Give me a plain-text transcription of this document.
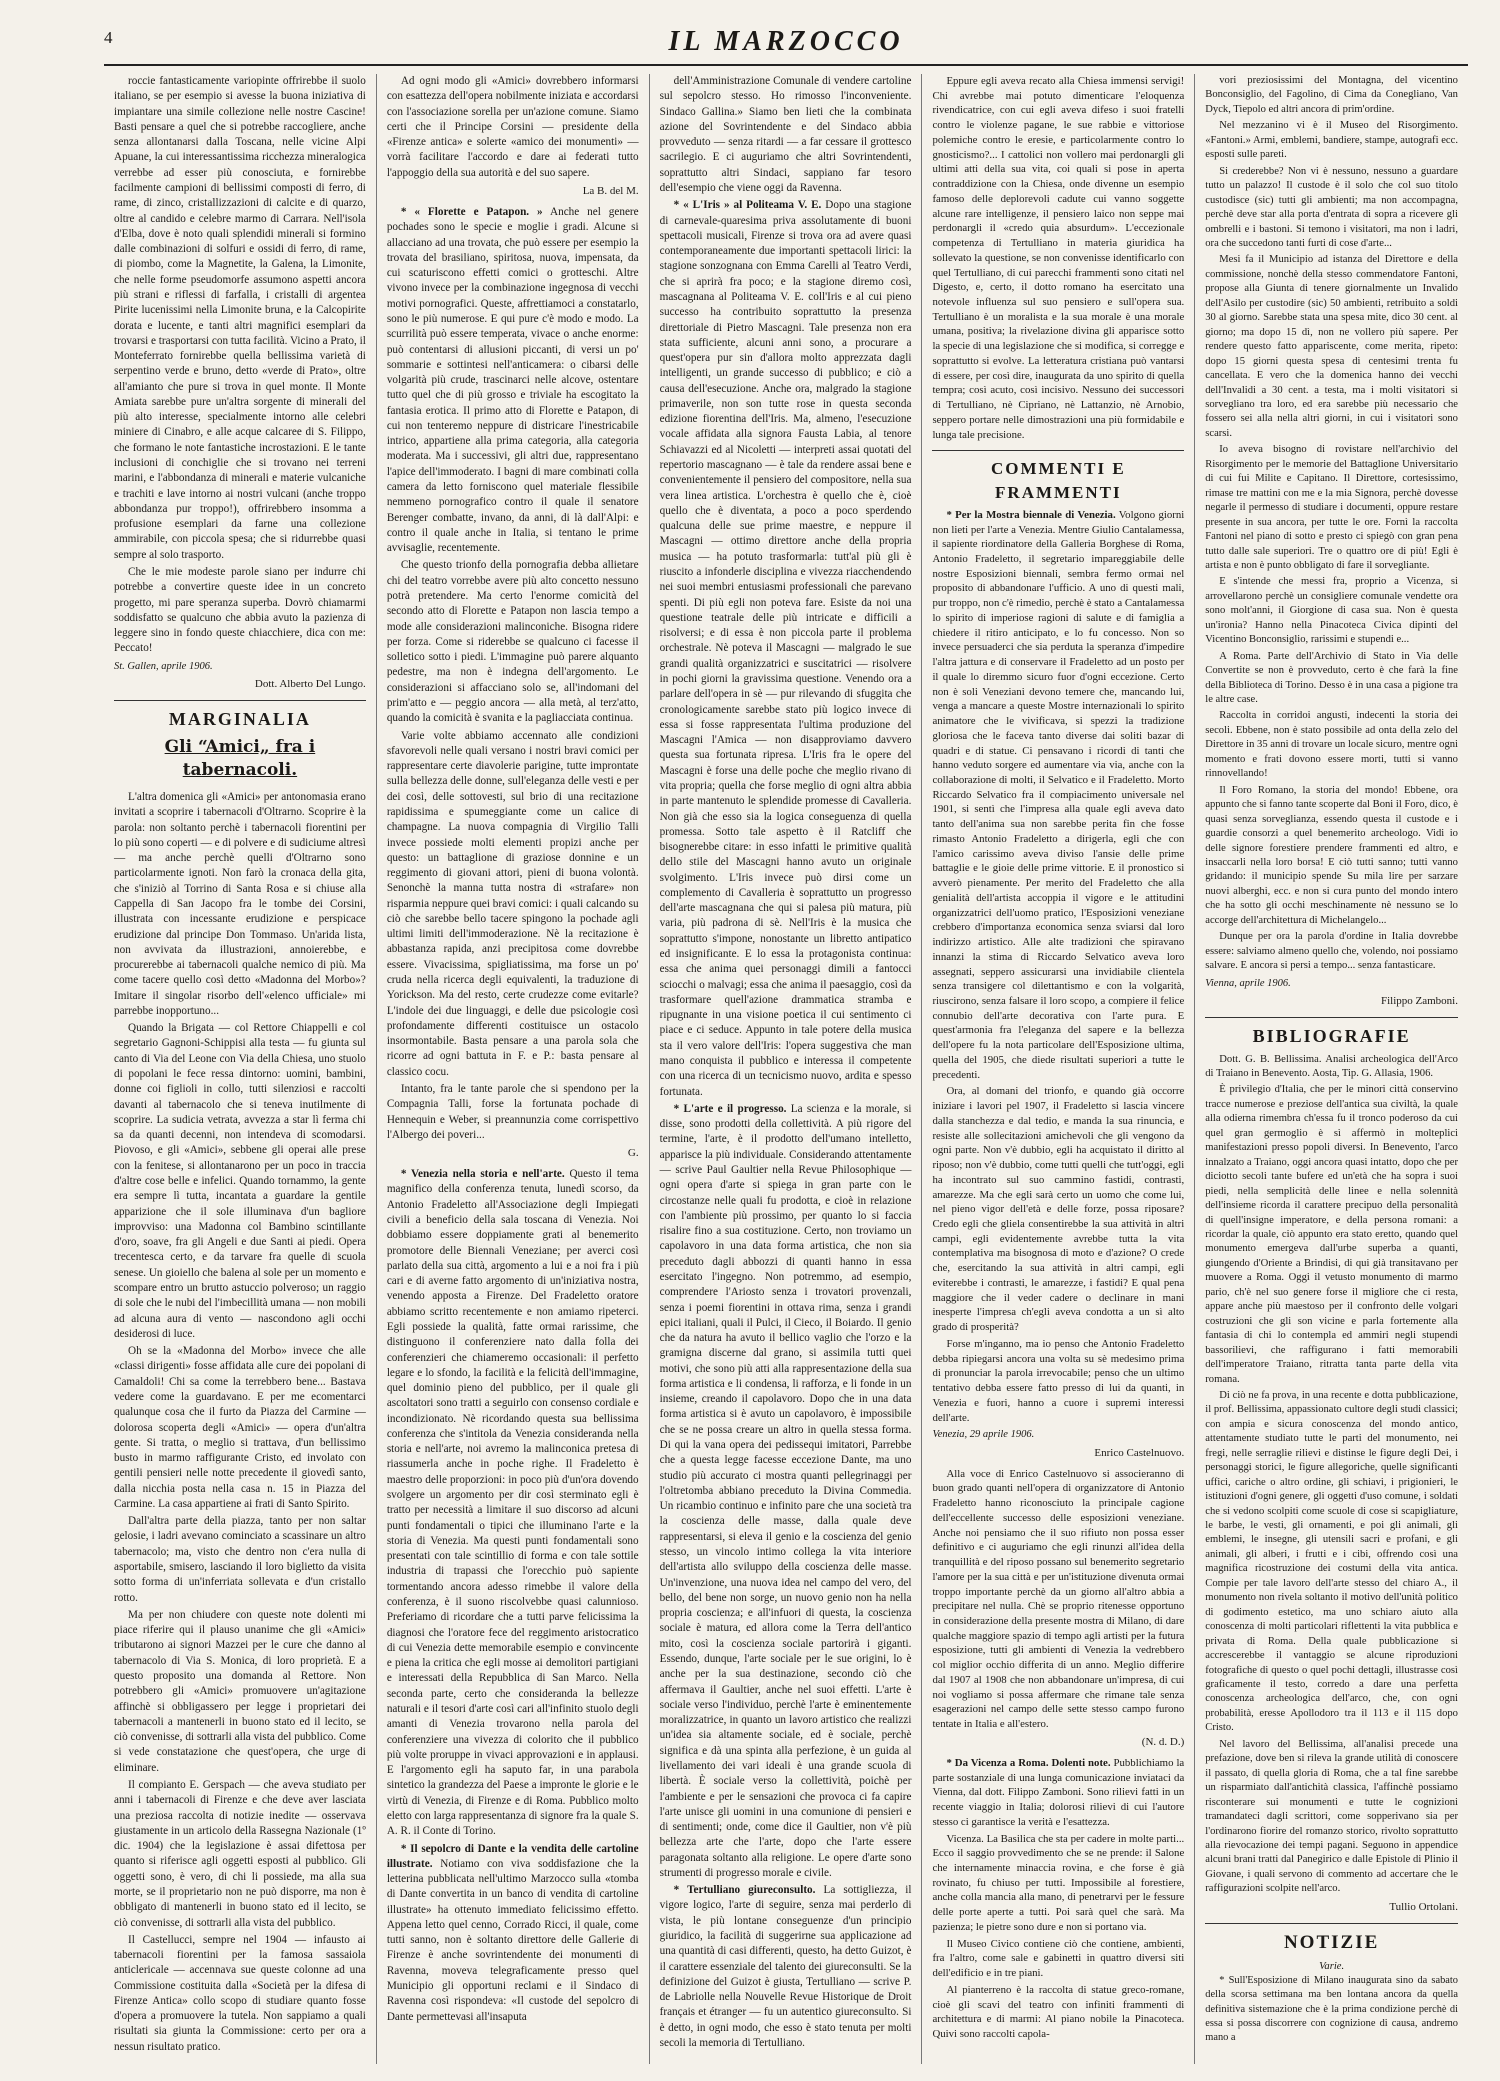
4	IL MARZOCCO

roccie fantasticamente variopinte offrirebbe il suolo italiano, se per esempio si avesse la buona iniziativa di impiantare una simile collezione nelle nostre Cascine! Basti pensare a quel che si potrebbe raccogliere, anche senza allontanarsi dalla Toscana, nelle vicine Alpi Apuane, la cui interessantissima ricchezza mineralogica verrebbe ad esser più conosciuta, e fornirebbe facilmente campioni di bellissimi composti di ferro, di rame, di zinco, cristallizzazioni di calcite e di quarzo, oltre al candido e celebre marmo di Carrara. Nell'isola d'Elba, dove è noto quali splendidi minerali si formino dalle combinazioni di solfuri e ossidi di ferro, di rame, di piombo, come la Magnetite, la Galena, la Limonite, che nelle forme pseudomorfe assumono aspetti ancora più strani e riflessi di farfalla, i cristalli di argentea Pirite lucenissimi nella Limonite bruna, e la Calcopirite dorata e lucente, e tanti altri magnifici esemplari da trovarsi e trasportarsi con tutta facilità. Vicino a Prato, il Monteferrato fornirebbe quella bellissima varietà di serpentino verde e bruno, detto «verde di Prato», oltre all'amianto che pure si trova in quel monte. Il Monte Amiata sarebbe pure un'altra sorgente di minerali del più alto interesse, specialmente intorno alle celebri miniere di Cinabro, e alle acque calcaree di S. Filippo, che formano le note fantastiche incrostazioni. E le tante inclusioni di conchiglie che si trovano nei terreni marini, e l'abbondanza di minerali e materie vulcaniche e trachiti e lave intorno ai nostri vulcani (anche troppo abbondanza pur troppo!), offrirebbero insomma a profusione esemplari da farne una collezione ammirabile, con piccola spesa; che si ridurrebbe quasi sempre al solo trasporto.

Che le mie modeste parole siano per indurre chi potrebbe a convertire queste idee in un concreto progetto, mi pare speranza superba. Dovrò chiamarmi soddisfatto se qualcuno che abbia avuto la pazienza di leggere sino in fondo queste chiacchiere, dica con me: Peccato!

St. Gallen, aprile 1906.
Dott. Alberto Del Lungo.
MARGINALIA
Gli “Amici„ fra i tabernacoli.

L'altra domenica gli «Amici» per antonomasia erano invitati a scoprire i tabernacoli d'Oltrarno. Scoprire è la parola: non soltanto perchè i tabernacoli fiorentini per lo più sono coperti — e di polvere e di sudiciume altresì — ma anche perchè quelli d'Oltrarno sono particolarmente ignoti. Non farò la cronaca della gita, che s'iniziò al Torrino di Santa Rosa e si chiuse alla Cappella di San Jacopo fra le tombe dei Corsini, illustrata con incessante erudizione e perspicace erudizione dal principe Don Tommaso. Un'arida lista, non avvivata da illustrazioni, annoierebbe, e procurerebbe ai tabernacoli qualche nemico di più. Ma come tacere quello così detto «Madonna del Morbo»? Imitare il singolar risorbo dell'«elenco ufficiale» mi parrebbe inopportuno...

Quando la Brigata — col Rettore Chiappelli e col segretario Gagnoni-Schippisi alla testa — fu giunta sul canto di Via del Leone con Via della Chiesa, uno stuolo di popolani le fece ressa dintorno: uomini, bambini, donne coi figlioli in collo, tutti silenziosi e raccolti davanti al tabernacolo che si teneva inutilmente di scoprire. La sudicia vetrata, avvezza a star lì ferma chi sa da quanti decenni, non intendeva di scomodarsi. Piovoso, e gli «Amici», sebbene gli operai alle prese con la fenitese, si allontanarono per un poco in traccia d'altre cose belle e infelici. Quando tornammo, la gente era sempre lì tutta, incantata a guardare la gentile apparizione che il sole illuminava d'un bagliore improvviso: una Madonna col Bambino scintillante d'oro, soave, fra gli Angeli e due Santi ai piedi. Opera trecentesca certo, e da tarvare fra quelle di scuola senese. Un gioiello che balena al sole per un momento e scompare entro un brutto astuccio polveroso; un raggio di sole che le nubi del l'imbecillità umana — non mobili ad alcuna aura di vento — nascondono agli occhi desiderosi di luce.

Oh se la «Madonna del Morbo» invece che alle «classi dirigenti» fosse affidata alle cure dei popolani di Camaldoli! Chi sa come la terrebbero bene... Bastava vedere come la guardavano. E per me ecomentarci qualunque cosa che il furto da Piazza del Carmine — dolorosa scoperta degli «Amici» — opera d'un'altra gente. Si tratta, o meglio si trattava, d'un bellissimo busto in marmo raffigurante Cristo, ed involato con gentili pensieri nelle notte precedente il giovedì santo, dalla nicchia posta nella casa n. 15 in Piazza del Carmine. La casa appartiene ai frati di Santo Spirito.

Dall'altra parte della piazza, tanto per non saltar gelosie, i ladri avevano cominciato a scassinare un altro tabernacolo; ma, visto che dentro non c'era nulla di asportabile, smisero, lasciando il loro biglietto da visita sotto forma di un'inferriata sollevata e d'un cristallo rotto.

Ma per non chiudere con queste note dolenti mi piace riferire qui il plauso unanime che gli «Amici» tributarono ai signori Mazzei per le cure che danno al tabernacolo di Via S. Monica, di loro proprietà. E a questo proposito una domanda al Rettore. Non potrebbero gli «Amici» promuovere un'agitazione affinchè si obbligassero per legge i proprietari dei tabernacoli a mantenerli in buono stato ed il lecito, se ciò convenisse, di sottrarli alla vista del pubblico. Come si vede constatazione che quest'opera, che urge di eliminare.

Il compianto E. Gerspach — che aveva studiato per anni i tabernacoli di Firenze e che deve aver lasciata una preziosa raccolta di notizie inedite — osservava giustamente in un articolo della Rassegna Nazionale (1º dic. 1904) che la legislazione è assai difettosa per quanto si riferisce agli oggetti esposti al pubblico. Gli oggetti sono, è vero, di chi li possiede, ma alla sua morte, se il proprietario non ne può disporre, ma non è obbligato di mantenerli in buono stato ed il lecito, se ciò convenisse, di sottrarli alla vista del pubblico.

Il Castellucci, sempre nel 1904 — infausto ai tabernacoli fiorentini per la famosa sassaiola anticlericale — accennava sue queste colonne ad una Commissione costituita dalla «Società per la difesa di Firenze Antica» collo scopo di studiare quanto fosse d'opera a promuovere la tutela. Non sappiamo a quali risultati sia giunta la Commissione: certo per ora a nessun risultato pratico.

Ad ogni modo gli «Amici» dovrebbero informarsi con esattezza dell'opera nobilmente iniziata e accordarsi con l'associazione sorella per un'azione comune. Siamo certi che il Principe Corsini — presidente della «Firenze antica» e solerte «amico dei monumenti» — vorrà facilitare l'accordo e dare ai federati tutto l'appoggio della sua autorità e del suo sapere.

La B. del M.

* « Florette e Patapon. » Anche nel genere pochades sono le specie e moglie i gradi. Alcune si allacciano ad una trovata, che può essere per esempio la trovata del brasiliano, spiritosa, nuova, impensata, da cui scaturiscono effetti comici o grotteschi. Altre vivono invece per la combinazione ingegnosa di vecchi motivi pornografici. Queste, affrettiamoci a constatarlo, sono le più numerose. E qui pure c'è modo e modo. La scurrilità può essere temperata, vivace o anche enorme: può contentarsi di allusioni piccanti, di versi un po' sommarie e sottintesi nell'anticamera: o cibarsi delle volgarità più crude, trascinarci nelle alcove, ostentare tutto quel che di più grosso e triviale ha escogitato la fantasia erotica. Il primo atto di Florette e Patapon, di cui non tenteremo neppure di districare l'inestricabile intrico, appartiene alla prima categoria, alla categoria moderata. Ma i successivi, gli altri due, rappresentano l'apice dell'immoderato. I bagni di mare combinati colla camera da letto forniscono quel materiale flessibile nemmeno pornografico contro il quale il senatore Berenger combatte, invano, da anni, di là dall'Alpi: e contro il quale anche in Italia, si tentano le prime avvisaglie, recentemente.

Che questo trionfo della pornografia debba allietare chi del teatro vorrebbe avere più alto concetto nessuno potrà pretendere. Ma certo l'enorme comicità del secondo atto di Florette e Patapon non lascia tempo a mode alle considerazioni malinconiche. Bisogna ridere per forza. Come si riderebbe se qualcuno ci facesse il solletico sotto i piedi. L'immagine può parere alquanto pedestre, ma non è indegna dell'argomento. Le considerazioni si affacciano solo se, all'indomani del prim'atto e — peggio ancora — alla metà, al terz'atto, quando la comicità è svanita e la pagliacciata continua.

Varie volte abbiamo accennato alle condizioni sfavorevoli nelle quali versano i nostri bravi comici per rappresentare certe diavolerie parigine, tutte improntate sulla bellezza delle donne, sull'eleganza delle vesti e per dei così, delle sottovesti, sul brio di una recitazione rapidissima e spumeggiante come un calice di champagne. La nuova compagnia di Virgilio Talli invece possiede molti elementi propizi anche per questo: un battaglione di graziose donnine e un reggimento di giovani attori, pieni di buona volontà. Senonchè la manna tutta nostra di «strafare» non risparmia neppure quei bravi comici: i quali calcando su ciò che sarebbe bello tacere spingono la pochade agli ultimi limiti dell'immoderazione. Nè la recitazione è abbastanza rapida, anzi precipitosa come dovrebbe essere. Vivacissima, spigliatissima, ma forse un po' cruda nella ricerca degli equivalenti, la traduzione di Yorickson. Ma del resto, certe crudezze come evitarle? L'indole dei due linguaggi, e delle due psicologie così profondamente differenti costituisce un ostacolo insormontabile. Basta pensare a una parola sola che ricorre ad ogni battuta in F. e P.: basta pensare al classico cocu.

Intanto, fra le tante parole che si spendono per la Compagnia Talli, forse la fortunata pochade di Hennequin e Weber, si preannunzia come corrispettivo l'Albergo dei poveri...

G.

* Venezia nella storia e nell'arte. Questo il tema magnifico della conferenza tenuta, lunedì scorso, da Antonio Fradeletto all'Associazione degli Impiegati civili a beneficio della sala toscana di Venezia. Noi dobbiamo essere doppiamente grati al benemerito promotore delle Biennali Veneziane; per averci così parlato della sua città, argomento a lui e a noi fra i più cari e di averne fatto argomento di un'iniziativa nostra, venendo apposta a Firenze. Del Fradeletto oratore abbiamo scritto recentemente e non amiamo ripeterci. Egli possiede la qualità, fatte ormai rarissime, che distinguono il conferenziere nato dalla folla dei conferenzieri che chiameremo occasionali: il perfetto legare e lo sfondo, la facilità e la felicità dell'immagine, quel dominio pieno del pubblico, per il quale gli ascoltatori sono tratti a seguirlo con consenso cordiale e incondizionato. Nè ricordando questa sua bellissima conferenza che s'intitola da Venezia consideranda nella storia e nell'arte, noi avremo la malinconica pretesa di riassumerla anche in poche righe. Il Fradeletto è maestro delle proporzioni: in poco più d'un'ora dovendo svolgere un argomento per dir così sterminato egli è tratto per necessità a limitare il suo discorso ad alcuni punti fondamentali o tipici che illuminano l'arte e la storia di Venezia. Ma questi punti fondamentali sono presentati con tale scintillio di forma e con tale sottile industria di trapassi che l'orecchio può sapiente tormentando ancora adesso rimebbe il valore della conferenza, è il suono riscolvebbe quasi calunnioso. Preferiamo di ricordare che a tutti parve felicissima la diagnosi che l'oratore fece del reggimento aristocratico di cui Venezia dette memorabile esempio e convincente e piena la critica che egli mosse ai demolitori partigiani e interessati della Repubblica di San Marco. Nella seconda parte, certo che consideranda la bellezze naturali e il tesori d'arte così cari all'infinito stuolo degli amanti di Venezia trovarono nella parola del conferenziere una vivezza di colorito che il pubblico più volte proruppe in vivaci approvazioni e in applausi. E l'argomento egli ha saputo far, in una parabola sintetico la grandezza del Paese a impronte le glorie e le virtù di Venezia, di Firenze e di Roma. Pubblico molto eletto con larga rappresentanza di signore fra la quale S. A. R. il Conte di Torino.

* Il sepolcro di Dante e la vendita delle cartoline illustrate. Notiamo con viva soddisfazione che la letterina pubblicata nell'ultimo Marzocco sulla «tomba di Dante convertita in un banco di vendita di cartoline illustrate» ha ottenuto immediato felicissimo effetto. Appena letto quel cenno, Corrado Ricci, il quale, come tutti sanno, non è soltanto direttore delle Gallerie di Firenze è anche sovrintendente dei monumenti di Ravenna, moveva telegraficamente presso quel Municipio gli opportuni reclami e il Sindaco di Ravenna così rispondeva: «Il custode del sepolcro di Dante permettevasi all'insaputa

dell'Amministrazione Comunale di vendere cartoline sul sepolcro stesso. Ho rimosso l'inconveniente. Sindaco Gallina.» Siamo ben lieti che la combinata azione del Sovrintendente e del Sindaco abbia provveduto — senza ritardi — a far cessare il grottesco sacrilegio. E ci auguriamo che altri Sovrintendenti, soprattutto altri Sindaci, sappiano far tesoro dell'esempio che viene oggi da Ravenna.

* « L'Iris » al Politeama V. E. Dopo una stagione di carnevale-quaresima priva assolutamente di buoni spettacoli musicali, Firenze si trova ora ad avere quasi contemporaneamente due importanti spettacoli lirici: la stagione sonzognana con Emma Carelli al Teatro Verdi, che si aprirà fra poco; e la stagione diremo così, mascagnana al Politeama V. E. coll'Iris e al cui pieno successo ha contribuito soprattutto la presenza direttoriale di Pietro Mascagni. Tale presenza non era stata sufficiente, alcuni anni sono, a procurare a quest'opera pur sin d'allora molto apprezzata dagli intelligenti, un grande successo di pubblico; e ciò a causa dell'esecuzione. Anche ora, malgrado la stagione primaverile, non son tutte rose in questa seconda edizione fiorentina dell'Iris. Ma, almeno, l'esecuzione vocale affidata alla signora Fausta Labia, al tenore Schiavazzi ed al Nicoletti — interpreti assai quotati del repertorio mascagnano — è tale da rendere assai bene e convenientemente il pensiero del compositore, nella sua vera linea artistica. L'orchestra è quello che è, cioè quello che è diventata, a poco a poco sperdendo qualcuna delle sue prime maestre, e neppure il Mascagni — ottimo direttore anche della propria musica — ha potuto trasformarla: tutt'al più gli è riuscito a infonderle disciplina e vivezza riacchendendo nei suoi membri entusiasmi professionali che parevano spenti. Di più egli non poteva fare. Esiste da noi una questione teatrale delle più intricate e difficili a risolversi; e di essa è non piccola parte il problema orchestrale. Nè poteva il Mascagni — malgrado le sue grandi qualità organizzatrici e suscitatrici — risolvere in pochi giorni la gravissima questione. Venendo ora a parlare dell'opera in sè — pur rilevando di sfuggita che cronologicamente sarebbe stato più logico invece di essa si fosse rappresentata l'ultima produzione del Mascagni l'Amica — non disapproviamo davvero questa sua fortunata ripresa. L'Iris fra le opere del Mascagni è forse una delle poche che meglio rivano di vita propria; quella che forse meglio di ogni altra abbia in parte mantenuto le splendide promesse di Cavalleria. Non già che esso sia la logica conseguenza di quella promessa. Sotto tale aspetto è il Ratcliff che bisognerebbe citare: in esso infatti le primitive qualità dello stile del Mascagni hanno avuto un originale svolgimento. L'Iris invece può dirsi come un complemento di Cavalleria è soprattutto un progresso dell'arte mascagnana che qui si palesa più matura, più varia, più padrona di sè. Nell'Iris è la musica che soprattutto s'impone, nonostante un libretto antipatico ed insignificante. E lo essa la protagonista continua: essa che anima quei personaggi dimili a fantocci sciocchi o malvagi; essa che anima il paesaggio, così da trasformare quell'azione drammatica stramba e ripugnante in una visione poetica il cui sentimento ci piace e ci seduce. Appunto in tale potere della musica sta il vero valore dell'Iris: l'opera suggestiva che man mano conquista il pubblico e interessa il competente con una ricerca di un tecnicismo nuovo, ardita e spesso fortunata.

* L'arte e il progresso. La scienza e la morale, si disse, sono prodotti della collettività. A più rigore del termine, l'arte, è il prodotto dell'umano intelletto, apparisce la più individuale. Considerando attentamente — scrive Paul Gaultier nella Revue Philosophique — ogni opera d'arte si spiega in gran parte con le circostanze nelle quali fu prodotta, e cioè in relazione con l'ambiente più prossimo, per quanto lo si faccia risalire fino a sua costituzione. Certo, non troviamo un capolavoro in una data forma artistica, che non sia preceduto dagli abbozzi di quanti hanno in essa esercitato l'ingegno. Non potremmo, ad esempio, comprendere l'Ariosto senza i trovatori provenzali, senza i poemi fiorentini in ottava rima, senza i grandi epici italiani, quali il Pulci, il Cieco, il Boiardo. Il genio che da natura ha avuto il bellico vaglio che l'orzo e la gramigna discerne dal grano, si assimila tutti quei motivi, che sono più atti alla rappresentazione della sua forma artistica e li condensa, li rafforza, e li fonde in un insieme, creando il capolavoro. Dopo che in una data forma artistica si è avuto un capolavoro, è impossibile che se ne possa creare un altro in quella stessa forma. Di qui la vana opera dei pedissequi imitatori, Parrebbe che a questa legge facesse eccezione Dante, ma uno studio più accurato ci mostra quanti pellegrinaggi per l'oltretomba abbiano preceduto la Divina Commedia. Un ricambio continuo e infinito pare che una società tra la coscienza delle masse, dalla quale deve rappresentarsi, si eleva il genio e la coscienza del genio stesso, un vincolo intimo collega la vita interiore dell'artista allo sviluppo della coscienza delle masse. Un'invenzione, una nuova idea nel campo del vero, del bello, del bene non sorge, un nuovo genio non ha nella propria coscienza; e all'infuori di questa, la coscienza sociale è matura, ed allora come la Terra dell'antico mito, così la coscienza sociale partorirà i giganti. Essendo, dunque, l'arte sociale per le sue origini, lo è anche per la sua destinazione, secondo ciò che affermava il Gaultier, anche nel suoi effetti. L'arte è sociale verso l'individuo, perchè l'arte è eminentemente moralizzatrice, in quanto un lavoro artistico che realizzi un'idea sia altamente sociale, ed è sociale, perchè significa e dà una spinta alla perfezione, è un guida al livellamento dei vari ideali è una grande scuola di libertà. È sociale verso la collettività, poichè per l'ambiente e per le sensazioni che provoca ci fa capire l'arte unisce gli uomini in una comunione di pensieri e di sentimenti; onde, come dice il Gaultier, non v'è più bellezza arte che l'arte, dopo che l'arte essere paragonata soltanto alla religione. Le opere d'arte sono strumenti di progresso morale e civile.

* Tertulliano giureconsulto. La sottigliezza, il vigore logico, l'arte di seguire, senza mai perderlo di vista, le più lontane conseguenze d'un principio giuridico, la facilità di suggerirne sua applicazione ad una quantità di casi differenti, questo, ha detto Guizot, è il carattere essenziale del talento dei giureconsulti. Se la definizione del Guizot è giusta, Tertulliano — scrive P. de Labriolle nella Nouvelle Revue Historique de Droit français et étranger — fu un autentico giureconsulto. Si è detto, in ogni modo, che esso è stato tenuta per molti secoli la memoria di Tertulliano.

Eppure egli aveva recato alla Chiesa immensi servigi! Chi avrebbe mai potuto dimenticare l'eloquenza rivendicatrice, con cui egli aveva difeso i suoi fratelli contro le violenze pagane, le sue rabbie e vittoriose polemiche contro le eresie, e particolarmente contro lo gnosticismo?... I cattolici non vollero mai perdonargli gli ultimi atti della sua vita, coi quali si pose in aperta contraddizione con la Chiesa, onde divenne un esempio famoso delle deplorevoli cadute cui vanno soggette alcune rare intelligenze, il pensiero laico non seppe mai perdonargli il «credo quia absurdum». L'eccezionale competenza di Tertulliano in materia giuridica ha sollevato la questione, se non convenisse identificarlo con quel Tertulliano, di cui parecchi frammenti sono citati nel Digesto, e, certo, il dotto romano ha esercitato una notevole influenza sul suo pensiero e sull'opera sua. Tertulliano è un moralista e la sua morale è una morale umana, positiva; la rivelazione divina gli apparisce sotto la specie di una legislazione che si modifica, si corregge e soprattutto si evolve. La letteratura cristiana può vantarsi di essere, per così dire, inaugurata da uno spirito di quella tempra; così acuto, così incisivo. Nessuno dei successori di Tertulliano, nè Cipriano, nè Lattanzio, nè Arnobio, seppero portare nelle dimostrazioni una più formidabile e lunga tale precisione.

COMMENTI E FRAMMENTI

* Per la Mostra biennale di Venezia. Volgono giorni non lieti per l'arte a Venezia. Mentre Giulio Cantalamessa, il sapiente riordinatore della Galleria Borghese di Roma, Antonio Fradeletto, il segretario impareggiabile delle nostre Esposizioni biennali, sembra fermo ormai nel proposito di abbandonare l'ufficio. A uno di questi mali, pur troppo, non c'è rimedio, perchè è stato a Cantalamessa lo spirito di imperiose ragioni di salute e di famiglia a chiedere il ritiro anticipato, e lo fu concesso. Non so invece persuaderci che sia perduta la speranza d'impedire l'altra jattura e di conservare il Fradeletto ad un posto per il quale lo diremmo sicuro fuor d'ogni eccezione. Certo non è soli Veneziani devono temere che, mancando lui, venga a mancare a queste Mostre internazionali lo spirito animatore che le vivificava, si spezzi la tradizione gloriosa che le faceva tanto diverse dai soliti bazar di quadri e di statue. Ci pensavano i ricordi di tanti che hanno veduto sorgere ed aumentare via via, anche con la collaborazione di molti, il Selvatico e il Fradeletto. Morto Riccardo Selvatico fra il compiacimento universale nel 1901, si sentì che l'impresa alla quale egli aveva dato tanto dell'anima sua non sarebbe perita fin che fosse rimasto Antonio Fradeletto a dirigerla, egli che con l'amico carissimo aveva diviso l'ansie delle prime battaglie e le gioie delle prime vittorie. E il pronostico si avverò pienamente. Per merito del Fradeletto che alla genialità dell'artista accoppia il vigore e le attitudini organizzatrici dell'uomo pratico, l'Esposizioni veneziane crebbero d'importanza economica senza sviarsi dal loro indirizzo artistico. Alle alte tradizioni che spiravano innanzi la stima di Riccardo Selvatico aveva loro assegnati, seppero assicurarsi una invidiabile clientela senza transigere col dilettantismo e con la volgarità, riuscirono, senza falsare il loro scopo, a compiere il felice connubio dell'arte decorativa con l'arte pura. E quest'armonia fra l'eleganza del sapere e la bellezza dell'opere fu la nota particolare dell'Esposizione ultima, quella del 1905, che diede risultati superiori a tutte le precedenti.

Ora, al domani del trionfo, e quando già occorre iniziare i lavori pel 1907, il Fradeletto si lascia vincere dalla stanchezza e dal tedio, e manda la sua rinuncia, e resiste alle sollecitazioni amichevoli che gli vengono da ogni parte. Non v'è dubbio, egli ha acquistato il diritto al riposo; non v'è dubbio, come tutti quelli che tutt'oggi, egli ha incontrato sul suo cammino fastidi, contrasti, amarezze. Ma che egli sarà certo un uomo che come lui, nel pieno vigor dell'età e delle forze, possa riposare? Credo egli che gliela consentirebbe la sua attività in altri campi, egli evidentemente avrebbe tutta la vita contemplativa ma bisognosa di moto e d'azione? O crede che, esercitando la sua attività in altri campi, egli eviterebbe i contrasti, le amarezze, i fastidi? E qual pena maggiore che il veder cadere o declinare in mani inesperte l'impresa ch'egli aveva condotta a un sì alto grado di prosperità?

Forse m'inganno, ma io penso che Antonio Fradeletto debba ripiegarsi ancora una volta su sè medesimo prima di pronunciar la parola irrevocabile; penso che un ultimo tentativo debba essere fatto presso di lui da quanti, in Venezia e fuori, hanno a cuore i supremi interessi dell'arte.

Venezia, 29 aprile 1906.
Enrico Castelnuovo.

Alla voce di Enrico Castelnuovo si associeranno di buon grado quanti nell'opera di organizzatore di Antonio Fradeletto hanno riconosciuto la principale cagione dell'eccellente successo delle esposizioni veneziane. Anche noi pensiamo che il suo rifiuto non possa esser definitivo e ci auguriamo che egli rinunzi all'idea della tranquillità e del riposo possano sul benemerito segretario l'amore per la sua città e per un'istituzione divenuta ormai troppo importante perchè da un giorno all'altro abbia a precipitare nel nulla. Chè se proprio ritenesse opportuno in considerazione della presente mostra di Milano, di dare qualche maggiore spazio di tempo agli artisti per la futura esposizione, tutti gli ambienti di Venezia la vedrebbero col miglior occhio differita di un anno. Meglio differire dal 1907 al 1908 che non abbandonare un'impresa, di cui noi vogliamo si possa affermare che rimane tale senza esagerazioni nel campo delle sette stesso campo furono tentate in Italia e all'estero.

(N. d. D.)

* Da Vicenza a Roma. Dolenti note. Pubblichiamo la parte sostanziale di una lunga comunicazione inviataci da Vienna, dal dott. Filippo Zamboni. Sono rilievi fatti in un recente viaggio in Italia; dolorosi rilievi di cui l'autore stesso ci garantisce la verità e l'esattezza.

Vicenza. La Basilica che sta per cadere in molte parti... Ecco il saggio provvedimento che se ne prende: il Salone che internamente minaccia rovina, e che forse è già rovinato, fu chiuso per tutti. Impossibile al forestiere, anche colla mancia alla mano, di penetrarvi per le fessure delle porte aperte a tutti. Poi sarà quel che sarà. Ma pazienza; le pietre sono dure e non si portano via.

Il Museo Civico contiene ciò che contiene, ambienti, fra l'altro, come sale e gabinetti in quattro diversi siti dell'edificio e in tre piani.

Al pianterreno è la raccolta di statue greco-romane, cioè gli scavi del teatro con infiniti frammenti di architettura e di marmi: Al piano nobile la Pinacoteca. Quivi sono raccolti capola-

vori preziosissimi del Montagna, del vicentino Bonconsiglio, del Fagolino, di Cima da Conegliano, Van Dyck, Tiepolo ed altri ancora di prim'ordine.

Nel mezzanino vi è il Museo del Risorgimento. «Fantoni.» Armi, emblemi, bandiere, stampe, autografi ecc. esposti sulle pareti.

Si crederebbe? Non vi è nessuno, nessuno a guardare tutto un palazzo! Il custode è il solo che col suo titolo custodisce (sic) tutti gli ambienti; ma non accompagna, perchè deve star alla porta d'entrata di sopra a ricevere gli ombrelli e i bastoni. Si temono i visitatori, ma non i ladri, ora che succedono tanti furti di cose d'arte...

Mesi fa il Municipio ad istanza del Direttore e della commissione, nonchè della stesso commendatore Fantoni, propose alla Giunta di tenere giornalmente un Invalido dell'Asilo per custodire (sic) 50 ambienti, retribuito a soldi 30 al giorno. Sarebbe stata una spesa mite, dico 30 cent. al giorno; ma dopo 15 dì, non ne vollero più sapere. Per rendere questo fatto appariscente, come merita, ripeto: dopo 15 giorni questa spesa di centesimi trenta fu cancellata. E vero che la domenica hanno dei vecchi dell'Invalidi a 30 cent. a testa, ma i molti visitatori si sorvegliano tra loro, ed era sarebbe più necessario che fossero sei alla nella altri giorni, in cui i visitatori sono scarsi.

Io aveva bisogno di rovistare nell'archivio del Risorgimento per le memorie del Battaglione Universitario di cui fui Milite e Capitano. Il Direttore, cortesissimo, rimase tre mattini con me e la mia Signora, perchè dovesse negarle il permesso di studiare i documenti, oppure restare presente in sua ancora, per tutte le ore. Fornì la raccolta Fantoni nel piano di sotto e presto ci spiegò con gran pena tutto dalle sale superiori. Tre o quattro ore di più! Egli è artista e non è punto obbligato di fare il sorvegliante.

E s'intende che messi fra, proprio a Vicenza, si arrovellarono perchè un consigliere comunale vendette ora sono molt'anni, il Giorgione di casa sua. Non è questa un'ironia? Hanno nella Pinacoteca Civica dipinti del Vicentino Bonconsiglio, rarissimi e stupendi e...

A Roma. Parte dell'Archivio di Stato in Via delle Convertite se non è provveduto, certo è che farà la fine della Biblioteca di Torino. Desso è in una casa a pigione tra le altre case.

Raccolta in corridoi angusti, indecenti la storia dei secoli. Ebbene, non è stato possibile ad onta della zelo del Direttore in 35 anni di trovare un locale sicuro, mentre ogni momento e frati dovono essere morti, tutti si vanno rinnovellando!

Il Foro Romano, la storia del mondo! Ebbene, ora appunto che si fanno tante scoperte dal Boni il Foro, dico, è quasi senza sorveglianza, essendo questa il custode e i guardie consorzi a quel benemerito archeologo. Vidi io delle signore forestiere prendere frammenti ed altro, e insaccarli nella loro borsa! E ciò tutti sanno; tutti vanno gridando: il municipio spende Su mila lire per sarzare nuovi alberghi, ecc. e non si cura punto del mondo intero che ha sotto gli occhi meschinamente nè nessuno se lo accorge dell'architettura di Michelangelo...

Dunque per ora la parola d'ordine in Italia dovrebbe essere: salviamo almeno quello che, volendo, noi possiamo salvare. E ancora si persi a tempo... senza fantasticare.

Vienna, aprile 1906.
Filippo Zamboni.
BIBLIOGRAFIE

Dott. G. B. Bellissima. Analisi archeologica dell'Arco di Traiano in Benevento. Aosta, Tip. G. Allasia, 1906.

È privilegio d'Italia, che per le minori città conservino tracce numerose e preziose dell'antica sua civiltà, la quale alla odierna rimembra ch'essa fu il tronco poderoso da cui quel gran germoglio è sì affermò in molteplici manifestazioni presso popoli diversi. In Benevento, l'arco innalzato a Traiano, oggi ancora quasi intatto, dopo che per diciotto secoli tante bufere ed un'età che ha sopra i suoi piedi, nella semplicità delle linee e nella solennità dell'insieme ricorda il carattere precipuo della personalità di quell'insigne imperatore, e della persona romani: a ricordar la quale, ciò appunto era stato eretto, quando quel monumento emergeva dall'urbe superba a quanti, giungendo d'Oriente a Brindisi, di qui già transitavano per muovere a Roma. Oggi il vetusto monumento di marmo pario, ch'è nel suo genere forse il migliore che ci resta, appare anche più maestoso per il confronto delle volgari costruzioni che gli son vicine e parla fortemente alla fantasia di chi lo contempla ed ammiri negli stupendi bassorilievi, che raffigurano i fatti memorabili dell'imperatore Traiano, ritratta tanta parte della vita romana.

Di ciò ne fa prova, in una recente e dotta pubblicazione, il prof. Bellissima, appassionato cultore degli studi classici; con ampia e sicura conoscenza del mondo antico, attentamente studiato tutte le parti del monumento, nei fregi, nelle serraglie rilievi e distinse le figure degli Dei, i personaggi storici, le figure allegoriche, quelle significanti uffici, cariche o altro ordine, gli schiavi, i prigionieri, le istituzioni d'ogni genere, gli oggetti d'uso comune, i soldati che si vedono scolpiti come scuole di cose si scapigliature, le barbe, le vesti, gli ornamenti, e poi gli animali, gli emblemi, le insegne, gli utensili sacri e profani, e gli animali, gli alberi, i frutti e i cibi, offrendo così una magnifica ricostruzione dei costumi della vita antica. Compie per tale lavoro dell'arte stesso del chiaro A., il monumento non rivela soltanto il motivo dell'unità politico di godimento estetico, ma uno schiaro aiuto alla conoscenza di molti particolari riflettenti la vita pubblica e privata di Roma. Della quale pubblicazione si accrescerebbe il vantaggio se alcune riproduzioni fotografiche di questo o quel pochi dettagli, illustrasse così graficamente il testo, corredo a dare una perfetta conoscenza archeologica dell'arco, che, con ogni probabilità, eresse Apollodoro tra il 113 e il 115 dopo Cristo.

Nel lavoro del Bellissima, all'analisi precede una prefazione, dove ben si rileva la grande utilità di conoscere il passato, di quella gloria di Roma, che a tal fine sarebbe un risparmiato dall'antichità classica, l'affinchè possiamo risconterare sui monumenti e tutte le cognizioni tramandateci dagli scrittori, come sopperivano sia per l'ordinarono fiorire del romanzo storico, rivolto soprattutto alla rievocazione dei tempi pagani. Seguono in appendice alcuni brani tratti dal Panegirico e dalle Epistole di Plinio il Giovane, i quali servono di commento ad accertare che le raffigurazioni scolpite nell'arco.

Tullio Ortolani.
NOTIZIE
Varie.

* Sull'Esposizione di Milano inaugurata sino da sabato della scorsa settimana ma ben lontana ancora da quella definitiva sistemazione che è la prima condizione perchè di essa si possa discorrere con cognizione di causa, andremo mano a
